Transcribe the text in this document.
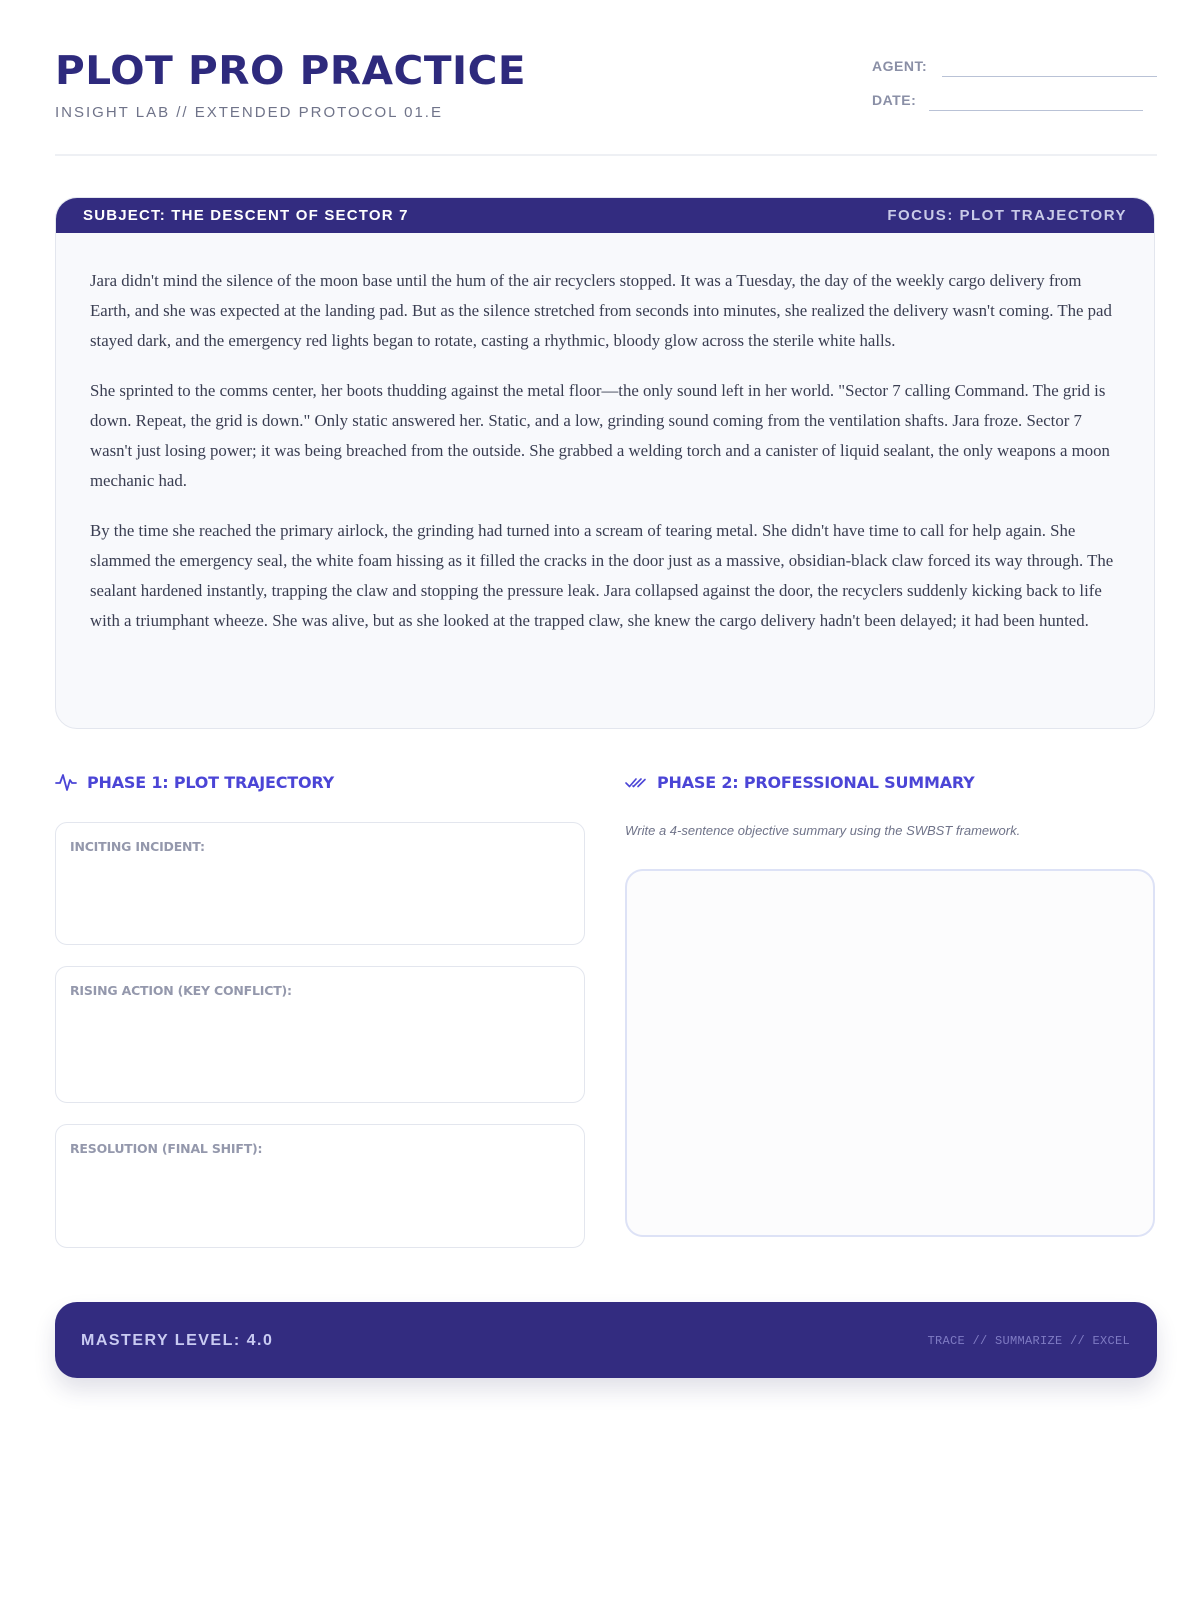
PLOT PRO PRACTICE
INSIGHT LAB // EXTENDED PROTOCOL 01.E
AGENT:
DATE:
SUBJECT: THE DESCENT OF SECTOR 7	FOCUS: PLOT TRAJECTORY

Jara didn't mind the silence of the moon base until the hum of the air recyclers stopped. It was a Tuesday, the day of the weekly cargo delivery from Earth, and she was expected at the landing pad. But as the silence stretched from seconds into minutes, she realized the delivery wasn't coming. The pad stayed dark, and the emergency red lights began to rotate, casting a rhythmic, bloody glow across the sterile white halls.

She sprinted to the comms center, her boots thudding against the metal floor—the only sound left in her world. "Sector 7 calling Command. The grid is down. Repeat, the grid is down." Only static answered her. Static, and a low, grinding sound coming from the ventilation shafts. Jara froze. Sector 7 wasn't just losing power; it was being breached from the outside. She grabbed a welding torch and a canister of liquid sealant, the only weapons a moon mechanic had.

By the time she reached the primary airlock, the grinding had turned into a scream of tearing metal. She didn't have time to call for help again. She slammed the emergency seal, the white foam hissing as it filled the cracks in the door just as a massive, obsidian-black claw forced its way through. The sealant hardened instantly, trapping the claw and stopping the pressure leak. Jara collapsed against the door, the recyclers suddenly kicking back to life with a triumphant wheeze. She was alive, but as she looked at the trapped claw, she knew the cargo delivery hadn't been delayed; it had been hunted.

PHASE 1: PLOT TRAJECTORY
INCITING INCIDENT:
RISING ACTION (KEY CONFLICT):
RESOLUTION (FINAL SHIFT):
PHASE 2: PROFESSIONAL SUMMARY
Write a 4-sentence objective summary using the SWBST framework.
MASTERY LEVEL: 4.0	TRACE // SUMMARIZE // EXCEL
